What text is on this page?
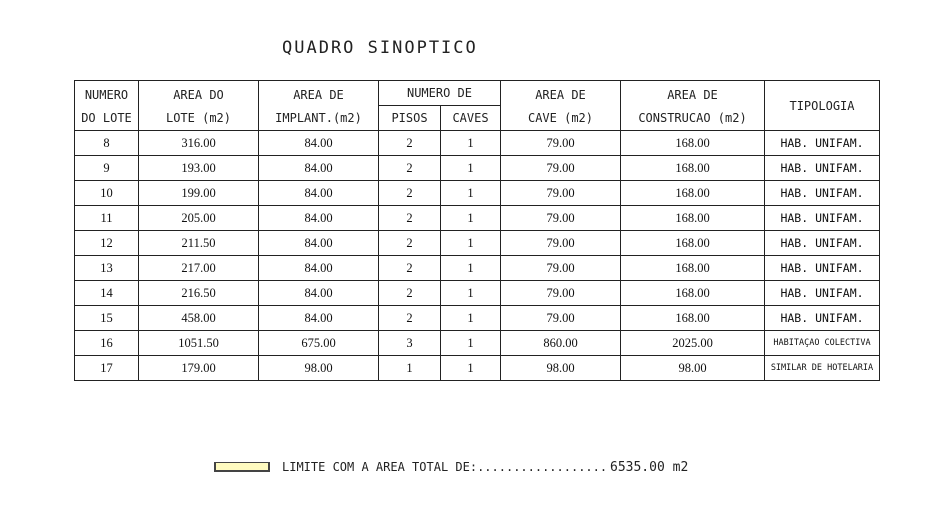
QUADRO SINOPTICO
NUMERO	AREA DO	AREA DE	NUMERO DE		AREA DE	AREA DE	TIPOLOGIA
DO LOTE	LOTE (m2)	IMPLANT.(m2)	PISOS	CAVES	CAVE (m2)	CONSTRUCAO (m2)	
8	316.00	84.00	2	1	79.00	168.00	HAB. UNIFAM.
9	193.00	84.00	2	1	79.00	168.00	HAB. UNIFAM.
10	199.00	84.00	2	1	79.00	168.00	HAB. UNIFAM.
11	205.00	84.00	2	1	79.00	168.00	HAB. UNIFAM.
12	211.50	84.00	2	1	79.00	168.00	HAB. UNIFAM.
13	217.00	84.00	2	1	79.00	168.00	HAB. UNIFAM.
14	216.50	84.00	2	1	79.00	168.00	HAB. UNIFAM.
15	458.00	84.00	2	1	79.00	168.00	HAB. UNIFAM.
16	1051.50	675.00	3	1	860.00	2025.00	HABITAÇAO COLECTIVA
17	179.00	98.00	1	1	98.00	98.00	SIMILAR DE HOTELARIA
LIMITE COM A AREA TOTAL DE:.................. 6535.00 m2
